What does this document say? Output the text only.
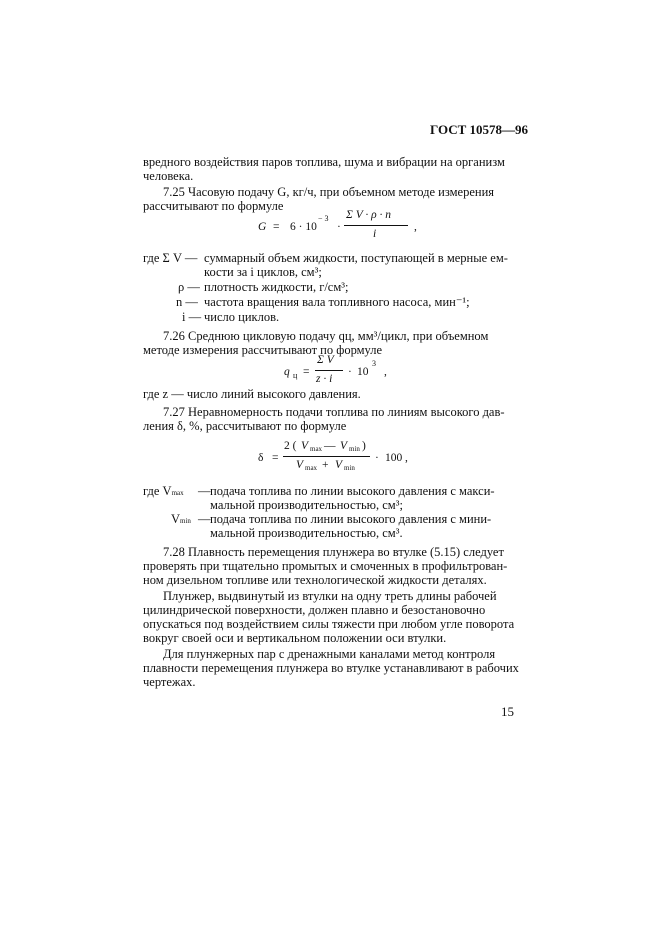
ГОСТ 10578—96
вредного воздействия паров топлива, шума и вибрации на организм
человека.
7.25 Часовую подачу G, кг/ч, при объемном методе измерения
рассчитывают по формуле
G = 6 · 10
− 3
·
Σ V · ρ · n
i
,
где Σ V — суммарный объем жидкости, поступающей в мерные ем-
кости за i циклов, см³;
ρ — плотность жидкости, г/см³;
n — частота вращения вала топливного насоса, мин⁻¹;
i — число циклов.
7.26 Среднюю цикловую подачу qц, мм³/цикл, при объемном
методе измерения рассчитывают по формуле
q ц =
Σ V
z · i
· 10
3
,
где z — число линий высокого давления.
7.27 Неравномерность подачи топлива по линиям высокого дав-
ления δ, %, рассчитывают по формуле
δ =
2 ( V max — V min )
V max + V min
· 100 ,
где Vmax — подача топлива по линии высокого давления с макси-
мальной производительностью, см³;
Vmin — подача топлива по линии высокого давления с мини-
мальной производительностью, см³.
7.28 Плавность перемещения плунжера во втулке (5.15) следует
проверять при тщательно промытых и смоченных в профильтрован-
ном дизельном топливе или технологической жидкости деталях.
Плунжер, выдвинутый из втулки на одну треть длины рабочей
цилиндрической поверхности, должен плавно и безостановочно
опускаться под воздействием силы тяжести при любом угле поворота
вокруг своей оси и вертикальном положении оси втулки.
Для плунжерных пар с дренажными каналами метод контроля
плавности перемещения плунжера во втулке устанавливают в рабочих
чертежах.
15
